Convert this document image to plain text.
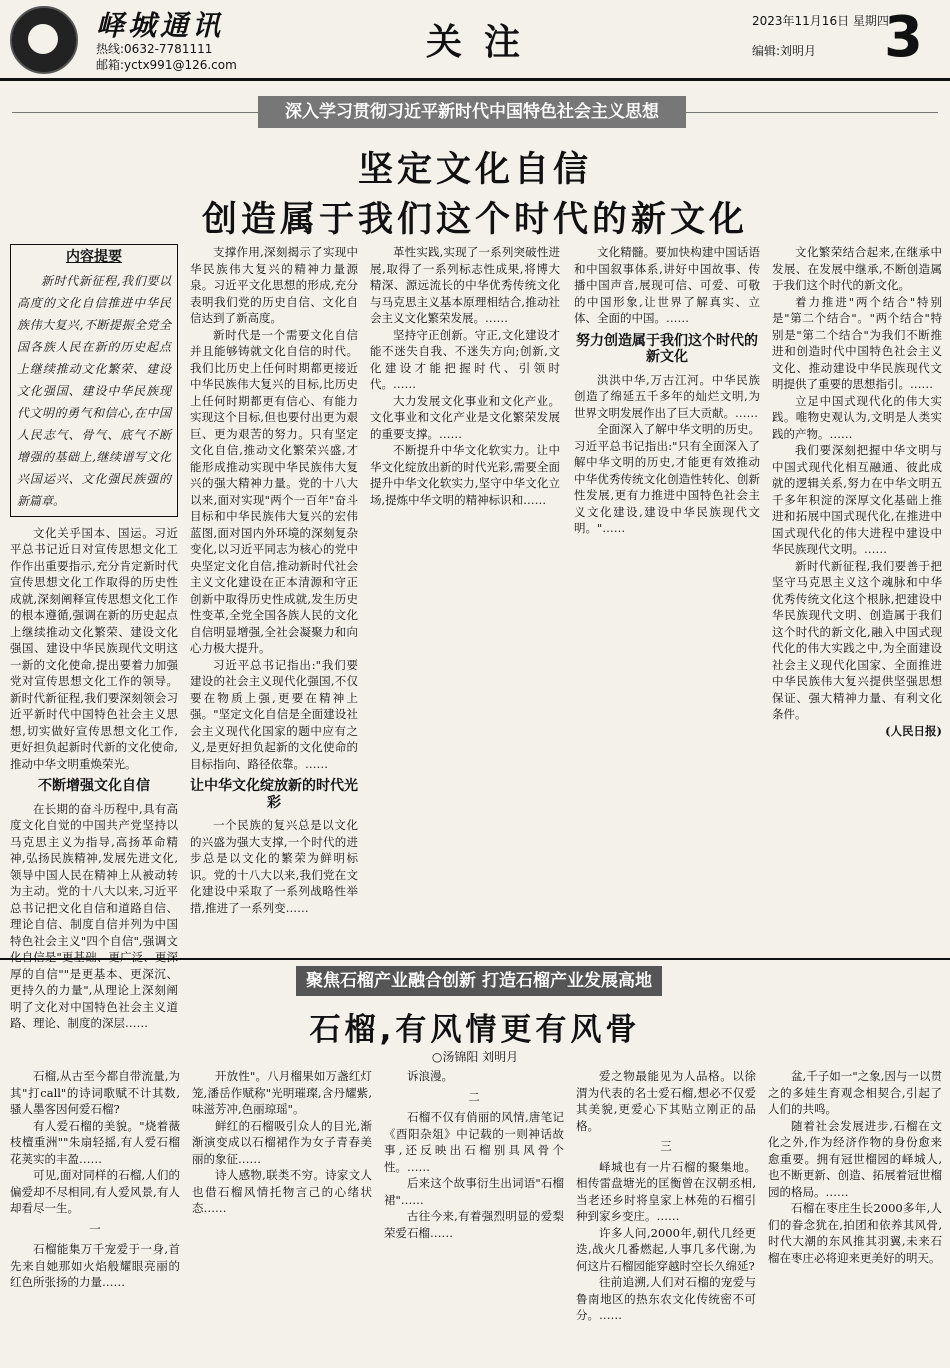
峄城通讯
热线:0632-7781111
邮箱:yctx991@126.com
关注
2023年11月16日 星期四
编辑:刘明月 3
深入学习贯彻习近平新时代中国特色社会主义思想
坚定文化自信
创造属于我们这个时代的新文化
内容提要
新时代新征程,我们要以高度的文化自信推进中华民族伟大复兴,不断提振全党全国各族人民在新的历史起点上继续推动文化繁荣、建设文化强国、建设中华民族现代文明的勇气和信心,在中国人民志气、骨气、底气不断增强的基础上,继续谱写文化兴国运兴、文化强民族强的新篇章。

文化关乎国本、国运。习近平总书记近日对宣传思想文化工作作出重要指示,充分肯定新时代宣传思想文化工作取得的历史性成就,深刻阐释宣传思想文化工作的根本遵循,强调在新的历史起点上继续推动文化繁荣、建设文化强国、建设中华民族现代文明这一新的文化使命,提出要着力加强党对宣传思想文化工作的领导。新时代新征程,我们要深刻领会习近平新时代中国特色社会主义思想,切实做好宣传思想文化工作,更好担负起新时代新的文化使命,推动中华文明重焕荣光。

不断增强文化自信

在长期的奋斗历程中,具有高度文化自觉的中国共产党坚持以马克思主义为指导,高扬革命精神,弘扬民族精神,发展先进文化,领导中国人民在精神上从被动转为主动。党的十八大以来,习近平总书记把文化自信和道路自信、理论自信、制度自信并列为中国特色社会主义"四个自信",强调文化自信是"更基础、更广泛、更深厚的自信""是更基本、更深沉、更持久的力量",从理论上深刻阐明了文化对中国特色社会主义道路、理论、制度的深层……

支撑作用,深刻揭示了实现中华民族伟大复兴的精神力量源泉。习近平文化思想的形成,充分表明我们党的历史自信、文化自信达到了新高度。

新时代是一个需要文化自信并且能够铸就文化自信的时代。我们比历史上任何时期都更接近中华民族伟大复兴的目标,比历史上任何时期都更有信心、有能力实现这个目标,但也要付出更为艰巨、更为艰苦的努力。只有坚定文化自信,推动文化繁荣兴盛,才能形成推动实现中华民族伟大复兴的强大精神力量。党的十八大以来,面对实现"两个一百年"奋斗目标和中华民族伟大复兴的宏伟蓝图,面对国内外环境的深刻复杂变化,以习近平同志为核心的党中央坚定文化自信,推动新时代社会主义文化建设在正本清源和守正创新中取得历史性成就,发生历史性变革,全党全国各族人民的文化自信明显增强,全社会凝聚力和向心力极大提升。

习近平总书记指出:"我们要建设的社会主义现代化强国,不仅要在物质上强,更要在精神上强。"坚定文化自信是全面建设社会主义现代化国家的题中应有之义,是更好担负起新的文化使命的目标指向、路径依靠。……

让中华文化绽放新的时代光彩

一个民族的复兴总是以文化的兴盛为强大支撑,一个时代的进步总是以文化的繁荣为鲜明标识。党的十八大以来,我们党在文化建设中采取了一系列战略性举措,推进了一系列变……

革性实践,实现了一系列突破性进展,取得了一系列标志性成果,将博大精深、源远流长的中华优秀传统文化与马克思主义基本原理相结合,推动社会主义文化繁荣发展。……

坚持守正创新。守正,文化建设才能不迷失自我、不迷失方向;创新,文化建设才能把握时代、引领时代。……

大力发展文化事业和文化产业。文化事业和文化产业是文化繁荣发展的重要支撑。……

不断提升中华文化软实力。让中华文化绽放出新的时代光彩,需要全面提升中华文化软实力,坚守中华文化立场,提炼中华文明的精神标识和……

文化精髓。要加快构建中国话语和中国叙事体系,讲好中国故事、传播中国声音,展现可信、可爱、可敬的中国形象,让世界了解真实、立体、全面的中国。……

努力创造属于我们这个时代的新文化

洪洪中华,万古江河。中华民族创造了绵延五千多年的灿烂文明,为世界文明发展作出了巨大贡献。……

全面深入了解中华文明的历史。习近平总书记指出:"只有全面深入了解中华文明的历史,才能更有效推动中华优秀传统文化创造性转化、创新性发展,更有力推进中国特色社会主义文化建设,建设中华民族现代文明。"……

文化繁荣结合起来,在继承中发展、在发展中继承,不断创造属于我们这个时代的新文化。

着力推进"两个结合"特别是"第二个结合"。"两个结合"特别是"第二个结合"为我们不断推进和创造时代中国特色社会主义文化、推动建设中华民族现代文明提供了重要的思想指引。……

立足中国式现代化的伟大实践。唯物史观认为,文明是人类实践的产物。……

我们要深刻把握中华文明与中国式现代化相互融通、彼此成就的逻辑关系,努力在中华文明五千多年积淀的深厚文化基础上推进和拓展中国式现代化,在推进中国式现代化的伟大进程中建设中华民族现代文明。……

新时代新征程,我们要善于把坚守马克思主义这个魂脉和中华优秀传统文化这个根脉,把建设中华民族现代文明、创造属于我们这个时代的新文化,融入中国式现代化的伟大实践之中,为全面建设社会主义现代化国家、全面推进中华民族伟大复兴提供坚强思想保证、强大精神力量、有利文化条件。

(人民日报)
聚焦石榴产业融合创新 打造石榴产业发展高地
石榴,有风情更有风骨
○汤锦阳 刘明月

石榴,从古至今都自带流量,为其"打call"的诗词歌赋不计其数,骚人墨客因何爱石榴?

有人爱石榴的美貌。"烧着薇枝檀重洲""朱扇轻摇,有人爱石榴花荚实的丰盈……

可见,面对同样的石榴,人们的偏爱却不尽相同,有人爱风景,有人却看尽一生。

一

石榴能集万千宠爱于一身,首先来自她那如火焰般耀眼亮丽的红色所张扬的力量……

开放性"。八月榴果如万盏红灯笼,潘岳作赋称"光明璀璨,含丹耀紫,味滋芳冲,色丽琼瑶"。

鲜红的石榴吸引众人的目光,渐渐演变成以石榴裙作为女子青春美丽的象征……

诗人感物,联类不穷。诗家文人也借石榴风情托物言己的心绪状态……

诉浪漫。

二

石榴不仅有俏丽的风情,唐笔记《酉阳杂俎》中记载的一则神话故事,还反映出石榴别具风骨个性。……

后来这个故事衍生出词语"石榴裙"……

古往今来,有着强烈明显的爱梨荣爱石榴……

爱之物最能见为人品格。以徐渭为代表的名士爱石榴,想必不仅爱其美貌,更爱心下其贴立刚正的品格。

三

峄城也有一片石榴的聚集地。相传雷盘塘光的匡衡曾在汉朝丞相,当老还乡时将皇家上林苑的石榴引种到家乡变庄。……

许多人问,2000年,朝代几经更迭,战火几番燃起,人事几多代谢,为何这片石榴园能穿越时空长久绵延?

往前追溯,人们对石榴的宠爱与鲁南地区的热东农文化传统密不可分。……

盆,千子如一"之象,因与一以贯之的多娃生育观念相契合,引起了人们的共鸣。

随着社会发展进步,石榴在文化之外,作为经济作物的身份愈来愈重要。拥有冠世榴园的峄城人,也不断更新、创造、拓展着冠世榴园的格局。……

石榴在枣庄生长2000多年,人们的眷念犹在,拍团和依养其风骨,时代大潮的东风推其羽翼,未来石榴在枣庄必将迎来更美好的明天。
